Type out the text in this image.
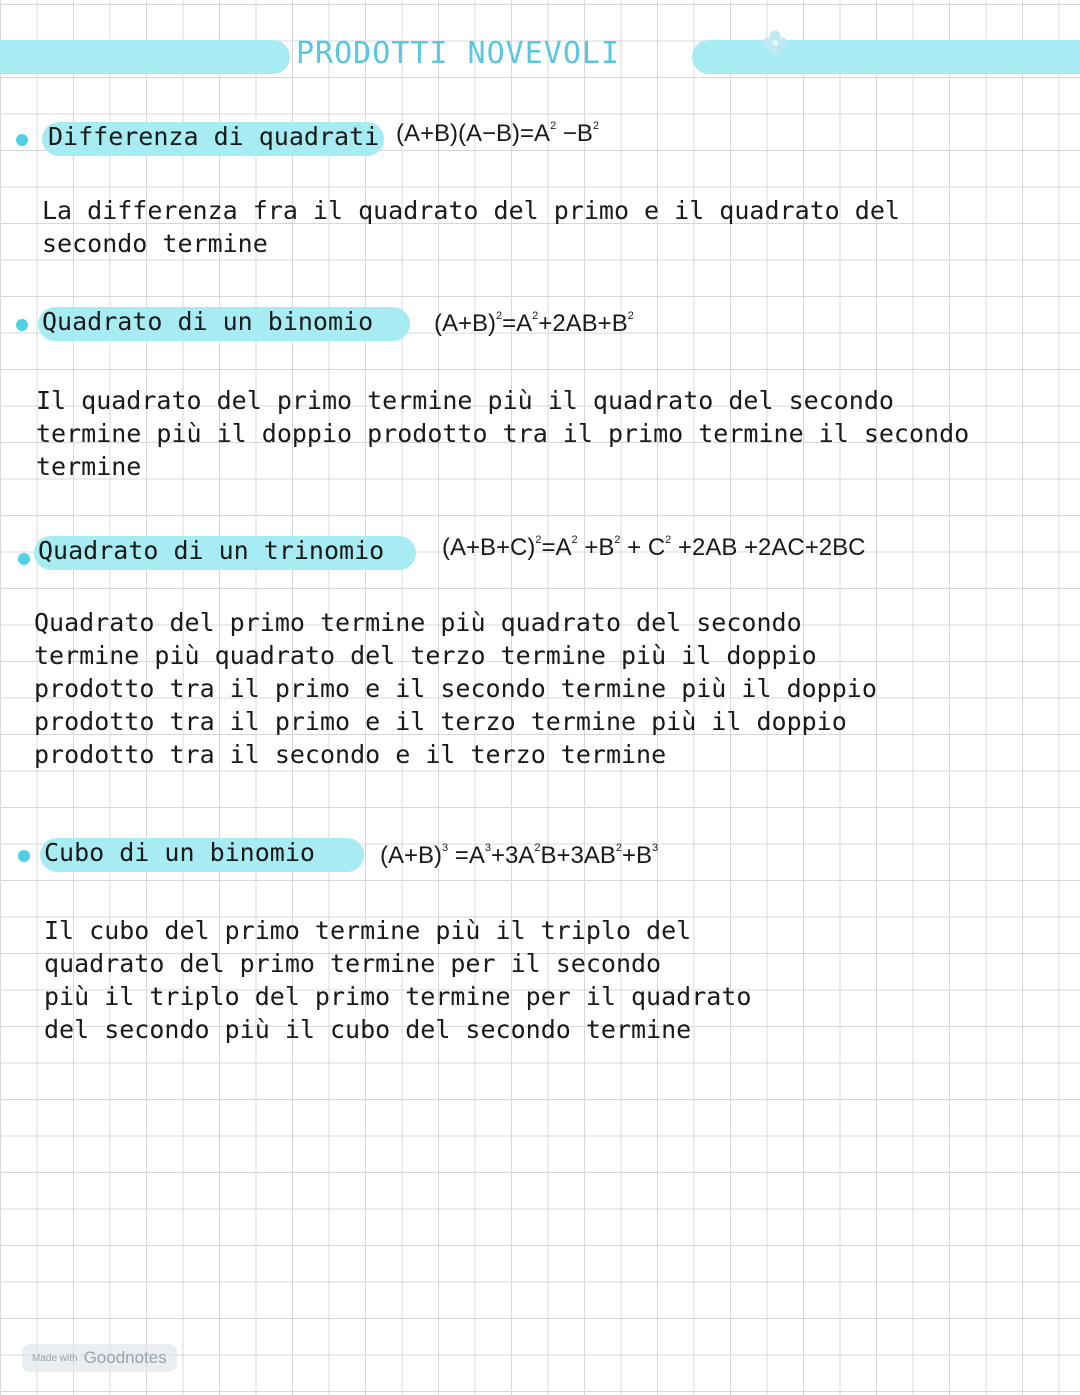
PRODOTTI NOVEVOLI
Differenza di quadrati $(A+B)(A-B)=A^2 -B^2$
La differenza fra il quadrato del primo e il quadrato del
secondo termine
Quadrato di un binomio	$(A+B)^2=A^2+2AB+B^2$
Il quadrato del primo termine più il quadrato del secondo
termine più il doppio prodotto tra il primo termine il secondo
termine
Quadrato di un trinomio $(A+B+C)^2=A^2 +B^2 + C^2 +2AB +2AC+2BC$
Quadrato del primo termine più quadrato del secondo
termine più quadrato del terzo termine più il doppio
prodotto tra il primo e il secondo termine più il doppio
prodotto tra il primo e il terzo termine più il doppio
prodotto tra il secondo e il terzo termine
Cubo di un binomio	$(A+B)^3 =A^3+3A^2B+3AB^2+B^3$
Il cubo del primo termine più il triplo del
quadrato del primo termine per il secondo
più il triplo del primo termine per il quadrato
del secondo più il cubo del secondo termine
Made with Goodnotes
